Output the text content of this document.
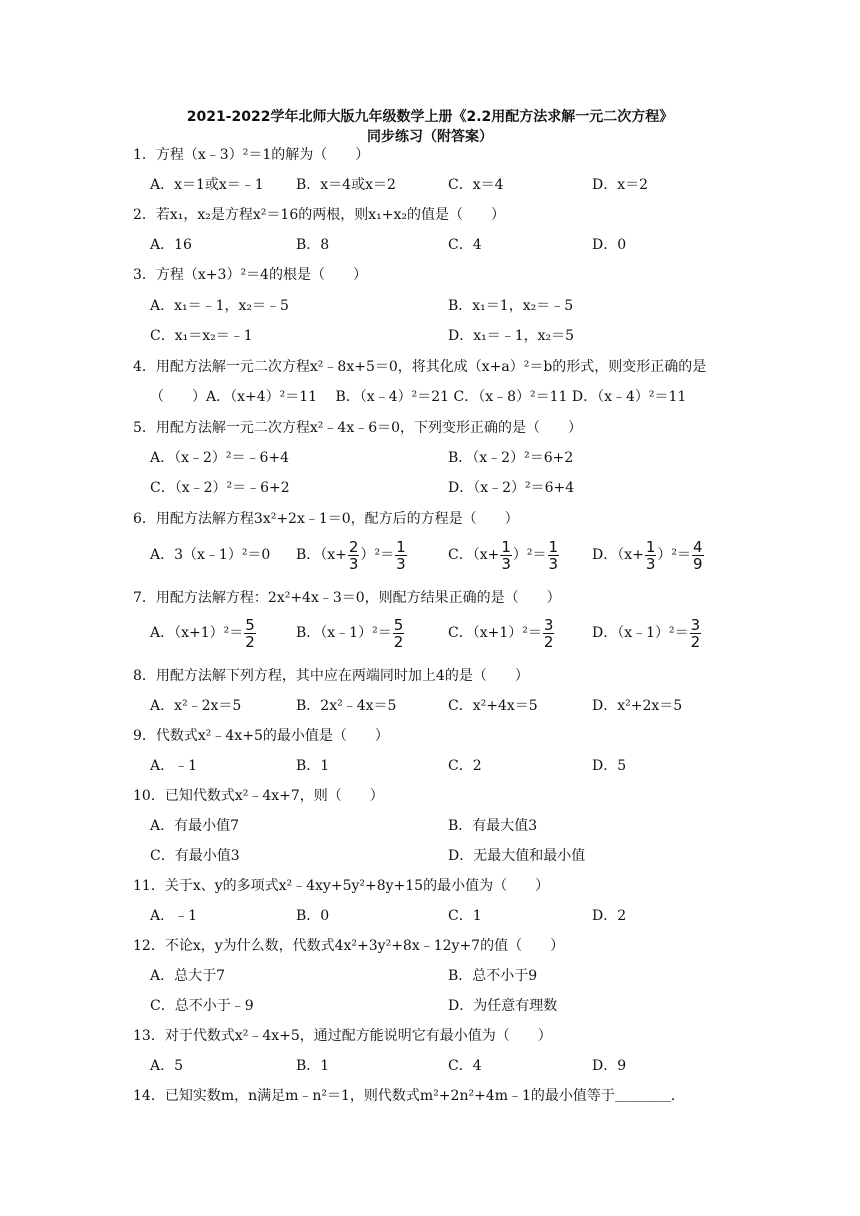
2021-2022学年北师大版九年级数学上册《2.2用配方法求解一元二次方程》
同步练习（附答案）
1．方程（x﹣3）²＝1的解为（　　）
A．x＝1或x＝﹣1 B．x＝4或x＝2	C．x＝4	D．x＝2
2．若x₁，x₂是方程x²＝16的两根，则x₁+x₂的值是（　　）
A．16	B．8	C．4	D．0
3．方程（x+3）²＝4的根是（　　）
A．x₁＝﹣1，x₂＝﹣5	B．x₁＝1，x₂＝﹣5
C．x₁＝x₂＝﹣1	D．x₁＝﹣1，x₂＝5
4．用配方法解一元二次方程x²﹣8x+5＝0，将其化成（x+a）²＝b的形式，则变形正确的是
（　　）A．（x+4）²＝11　 B．（x﹣4）²＝21 C．（x﹣8）²＝11 D．（x﹣4）²＝11
5．用配方法解一元二次方程x²﹣4x﹣6＝0，下列变形正确的是（　　）
A．（x﹣2）²＝﹣6+4	B．（x﹣2）²＝6+2
C．（x﹣2）²＝﹣6+2	D．（x﹣2）²＝6+4
6．用配方法解方程3x²+2x﹣1＝0，配方后的方程是（　　）
A．3（x﹣1）²＝0 B．$(x+ \frac{2}{3} )^2= \frac{1}{3}$	C．$(x+ \frac{1}{3} )^2= \frac{1}{3}$ D．$(x+ \frac{1}{3} )^2= \frac{4}{9}$
7．用配方法解方程：2x²+4x﹣3＝0，则配方结果正确的是（　　）
A．$(x+1)^2= \frac{5}{2}$	B．（x﹣1）²＝ $\frac{5}{2}$	C．$(x+1)^2= \frac{3}{2}$	D．（x﹣1）²＝ $\frac{3}{2}$
8．用配方法解下列方程，其中应在两端同时加上4的是（　　）
A．x²﹣2x＝5	B．2x²﹣4x＝5	C．x²+4x＝5	D．x²+2x＝5
9．代数式x²﹣4x+5的最小值是（　　）
A．﹣1	B．1	C．2	D．5
10．已知代数式x²﹣4x+7，则（　　）
A．有最小值7	B．有最大值3
C．有最小值3	D．无最大值和最小值
11．关于x、y的多项式x²﹣4xy+5y²+8y+15的最小值为（　　）
A．﹣1	B．0	C．1	D．2
12．不论x，y为什么数，代数式4x²+3y²+8x﹣12y+7的值（　　）
A．总大于7	B．总不小于9
C．总不小于﹣9	D．为任意有理数
13．对于代数式x²﹣4x+5，通过配方能说明它有最小值为（　　）
A．5	B．1	C．4	D．9
14．已知实数m，n满足m﹣n²＝1，则代数式m²+2n²+4m﹣1的最小值等于＿＿＿＿．
